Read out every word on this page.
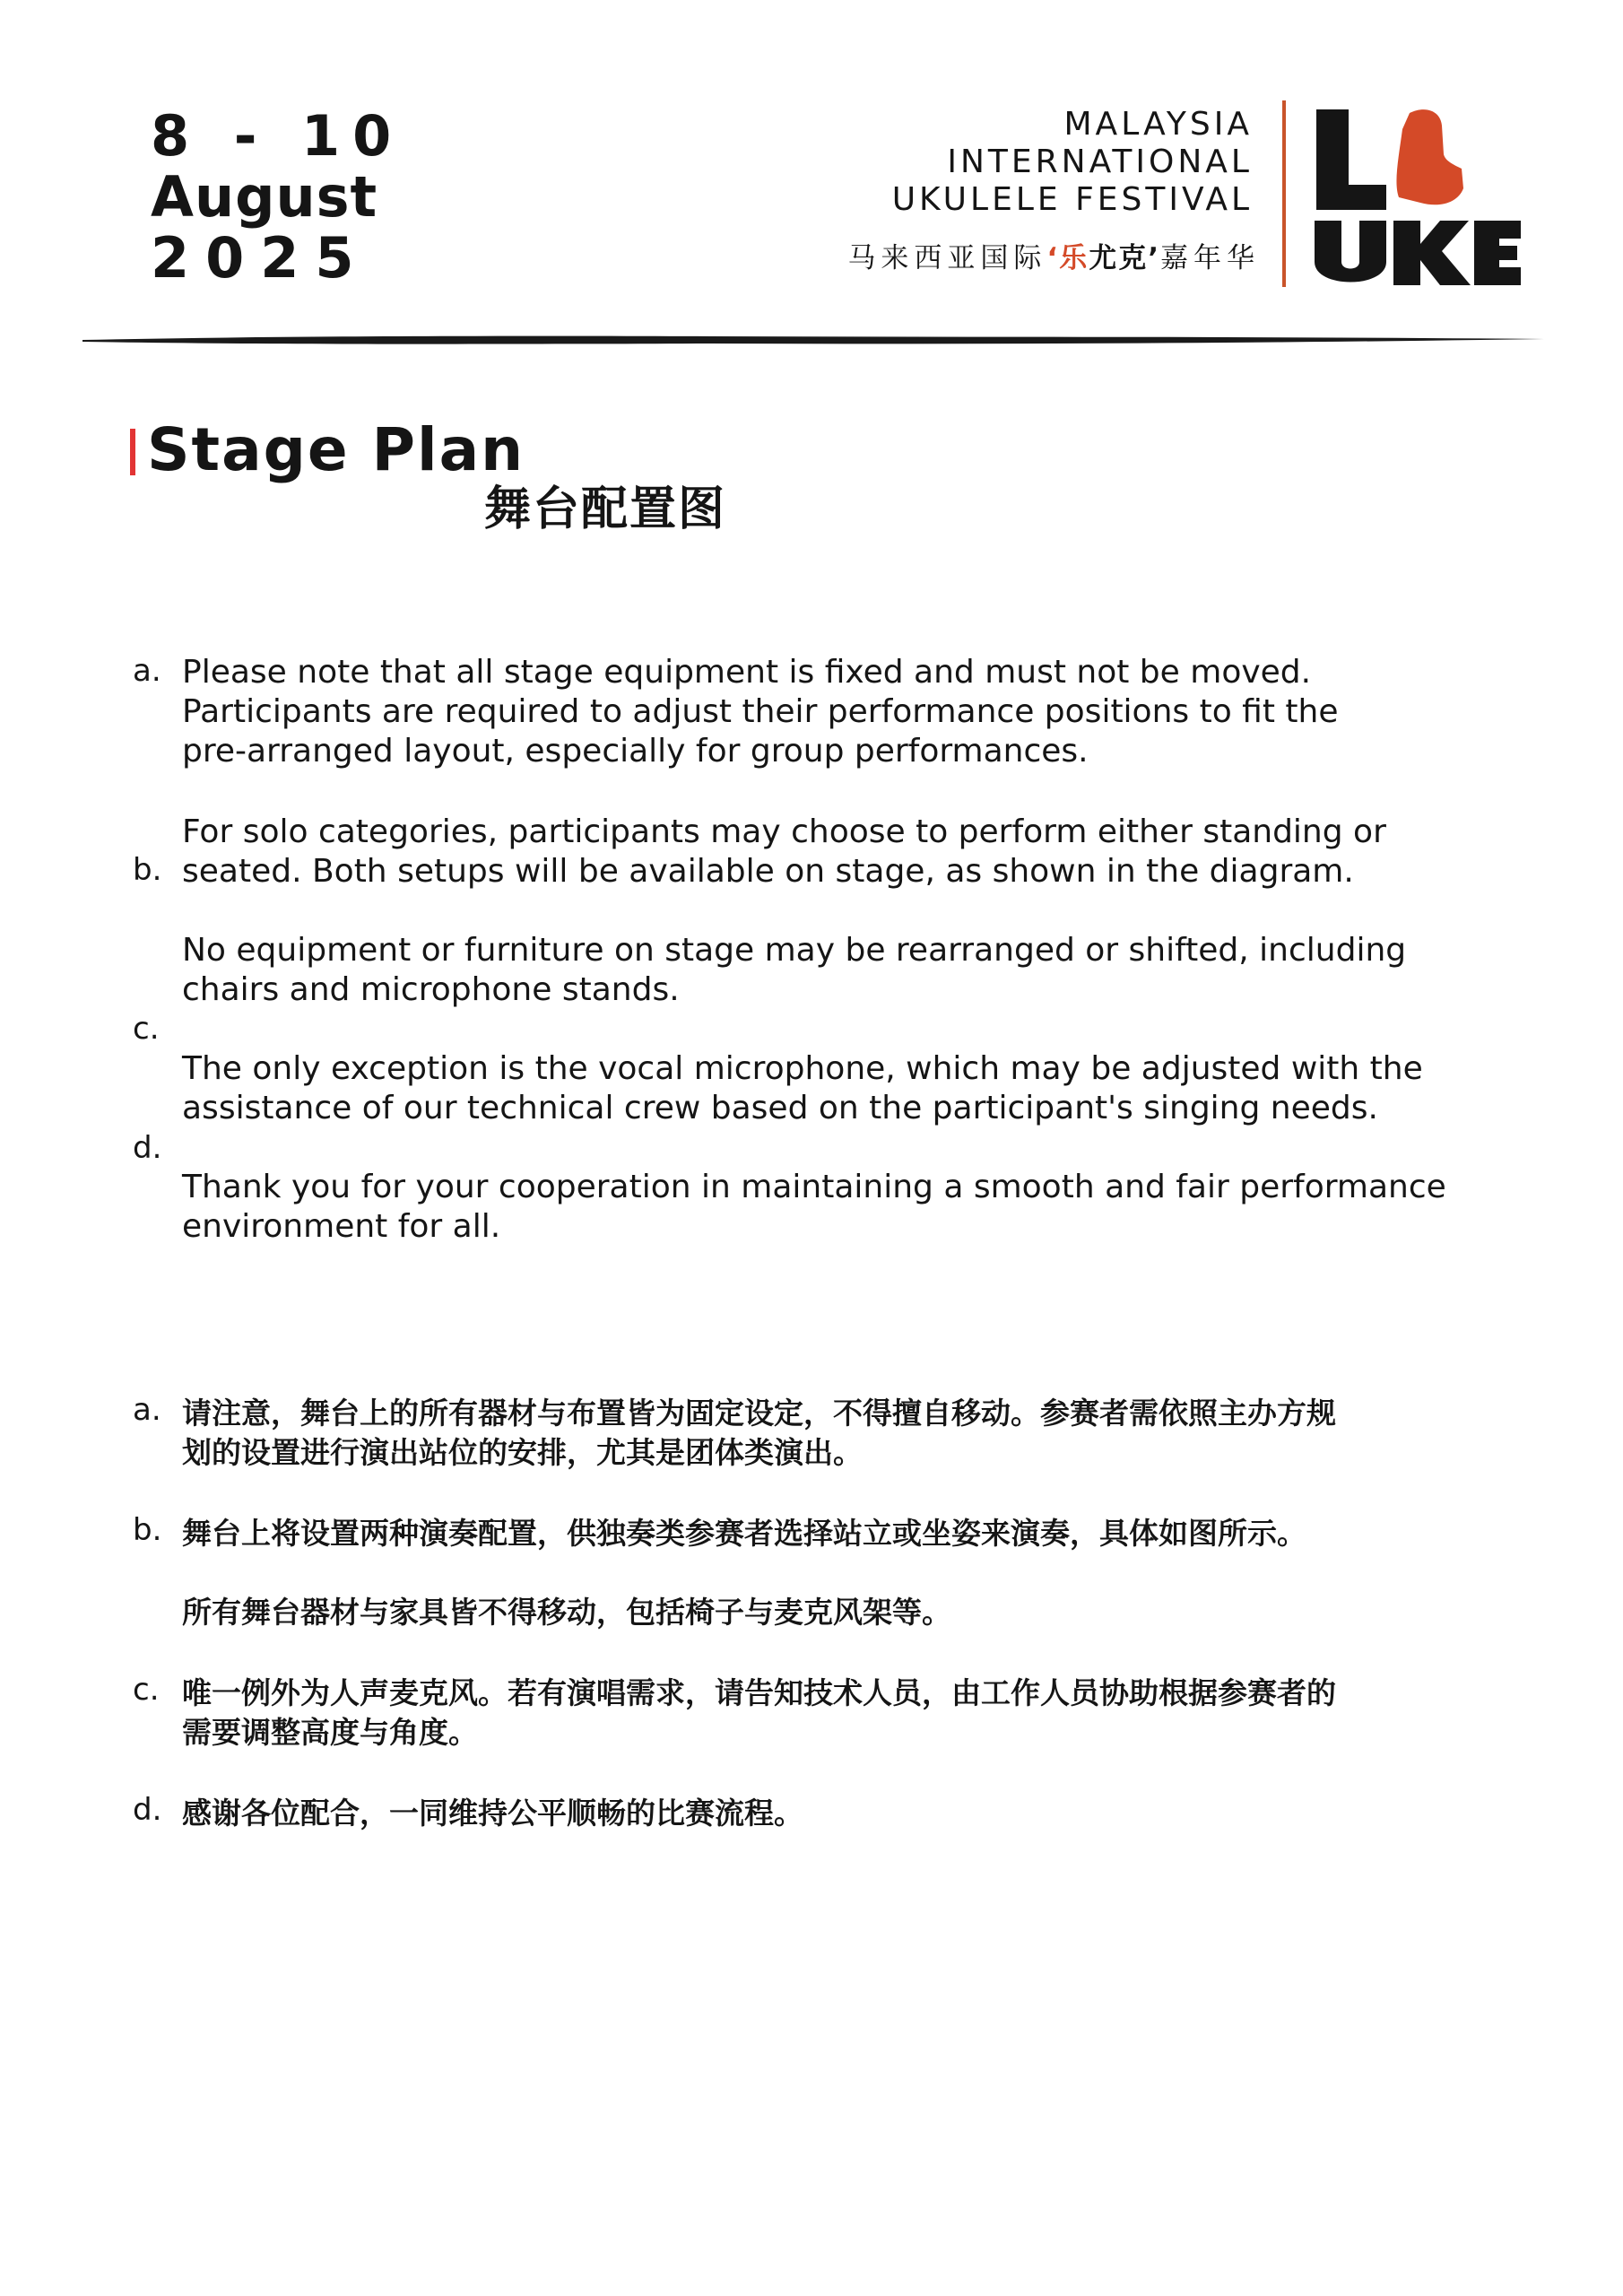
8 - 10
August
2025
MALAYSIA
INTERNATIONAL
UKULELE FESTIVAL
马来西亚国际‘乐尤克’嘉年华
Stage Plan
舞台配置图
a. Please note that all stage equipment is fixed and must not be moved.
Participants are required to adjust their performance positions to fit the
pre-arranged layout, especially for group performances.
b.
For solo categories, participants may choose to perform either standing or
seated. Both setups will be available on stage, as shown in the diagram.
No equipment or furniture on stage may be rearranged or shifted, including
chairs and microphone stands.
c.
The only exception is the vocal microphone, which may be adjusted with the
assistance of our technical crew based on the participant's singing needs.
d.
Thank you for your cooperation in maintaining a smooth and fair performance
environment for all.
a. 请注意，舞台上的所有器材与布置皆为固定设定，不得擅自移动。参赛者需依照主办方规
划的设置进行演出站位的安排，尤其是团体类演出。
b. 舞台上将设置两种演奏配置，供独奏类参赛者选择站立或坐姿来演奏，具体如图所示。
所有舞台器材与家具皆不得移动，包括椅子与麦克风架等。
c. 唯一例外为人声麦克风。若有演唱需求，请告知技术人员，由工作人员协助根据参赛者的
需要调整高度与角度。
d. 感谢各位配合，一同维持公平顺畅的比赛流程。
